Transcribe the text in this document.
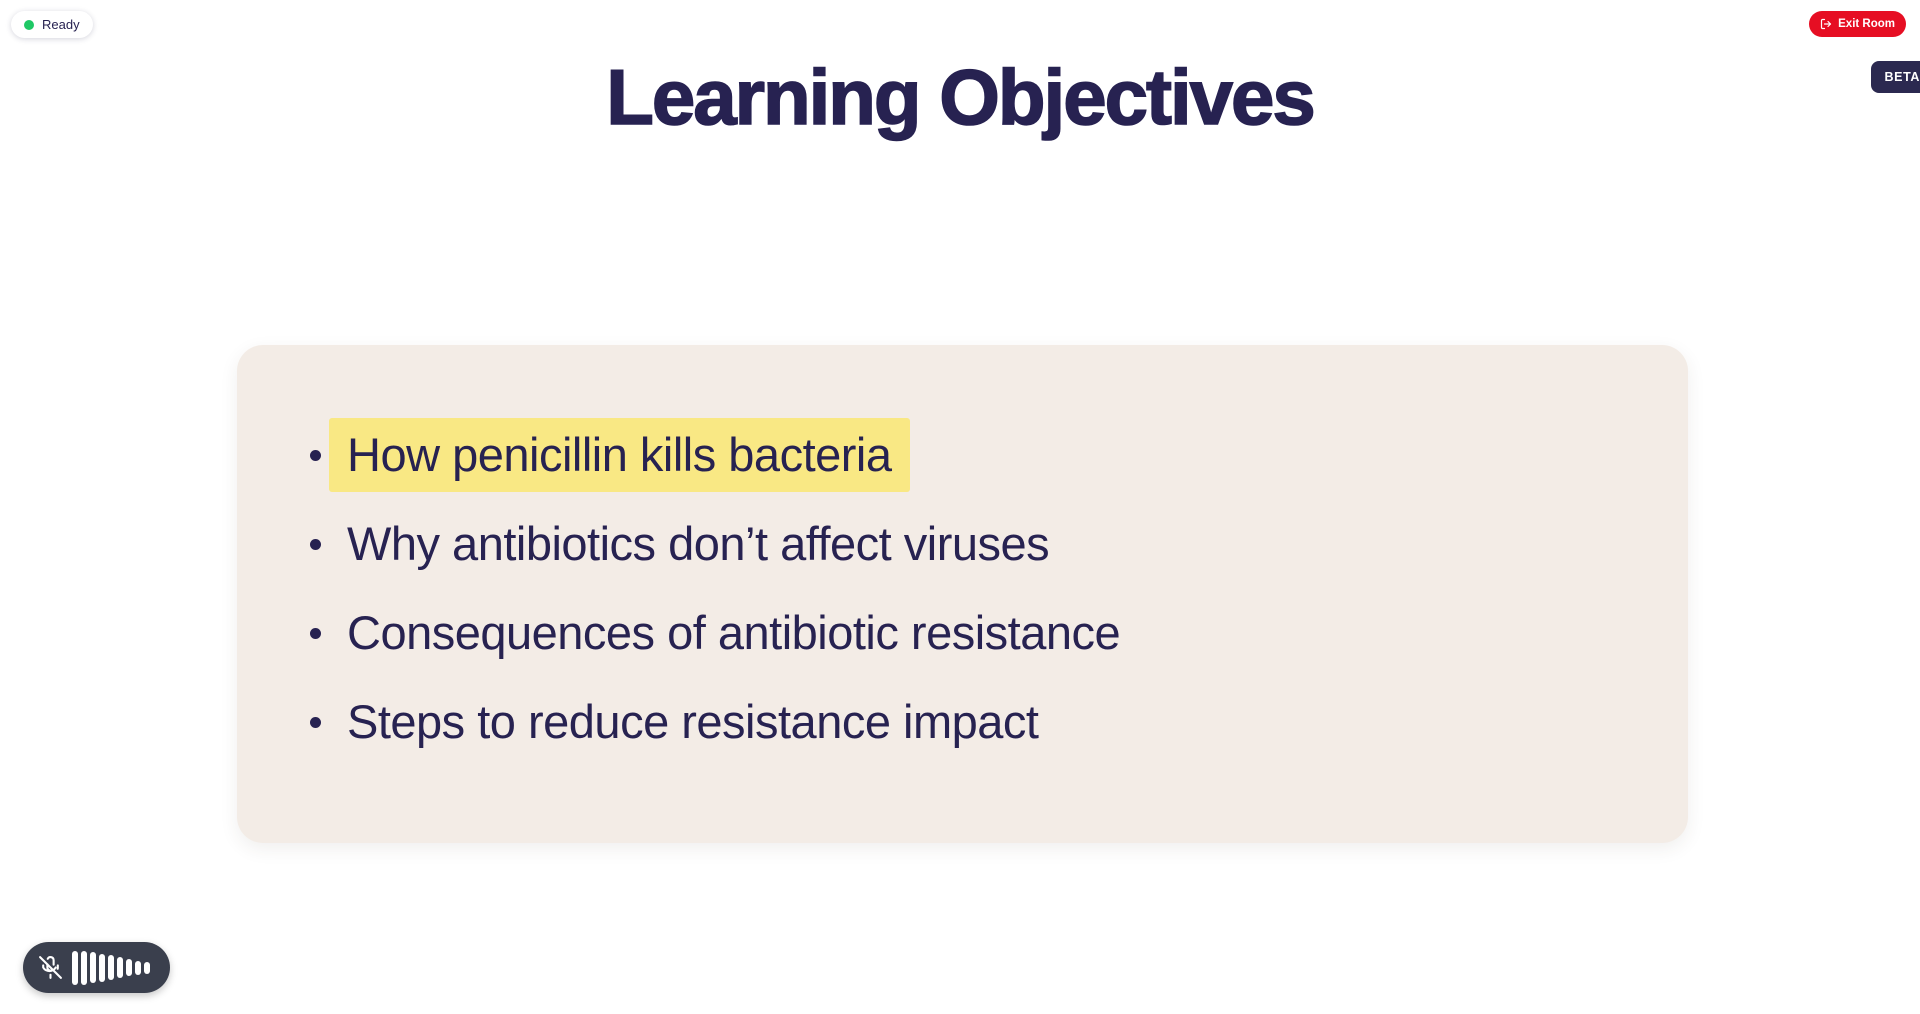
Ready	Exit Room
BETA
Learning Objectives
How penicillin kills bacteria
Why antibiotics don’t affect viruses
Consequences of antibiotic resistance
Steps to reduce resistance impact
